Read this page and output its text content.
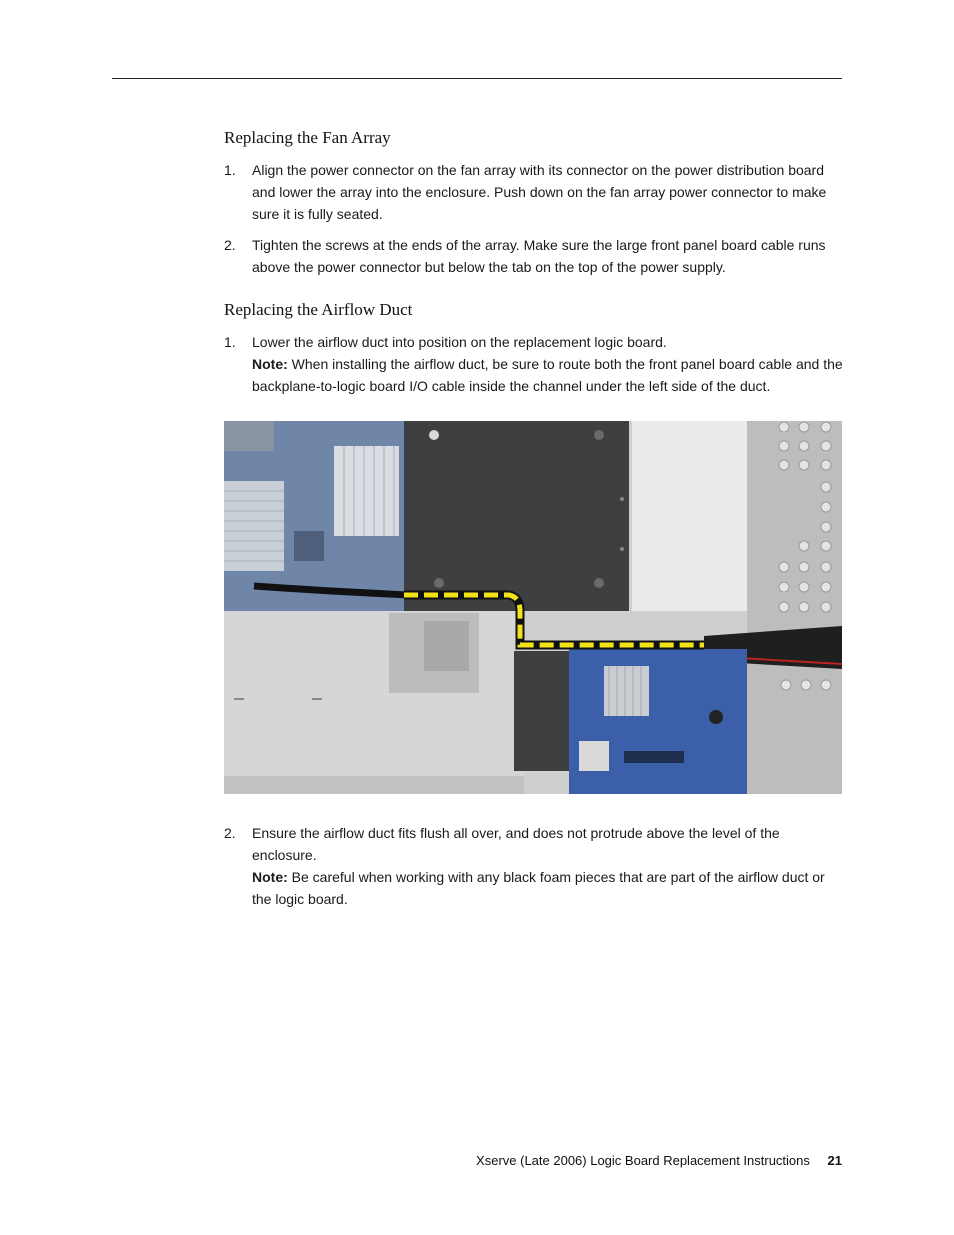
Replacing the Fan Array
1. Align the power connector on the fan array with its connector on the power distribution board and lower the array into the enclosure. Push down on the fan array power connector to make sure it is fully seated.
2. Tighten the screws at the ends of the array. Make sure the large front panel board cable runs above the power connector but below the tab on the top of the power supply.
Replacing the Airflow Duct
1. Lower the airflow duct into position on the replacement logic board.
Note: When installing the airflow duct, be sure to route both the front panel board cable and the backplane-to-logic board I/O cable inside the channel under the left side of the duct.
2. Ensure the airflow duct fits flush all over, and does not protrude above the level of the enclosure.
Note: Be careful when working with any black foam pieces that are part of the airflow duct or the logic board.
Xserve (Late 2006) Logic Board Replacement Instructions 21
